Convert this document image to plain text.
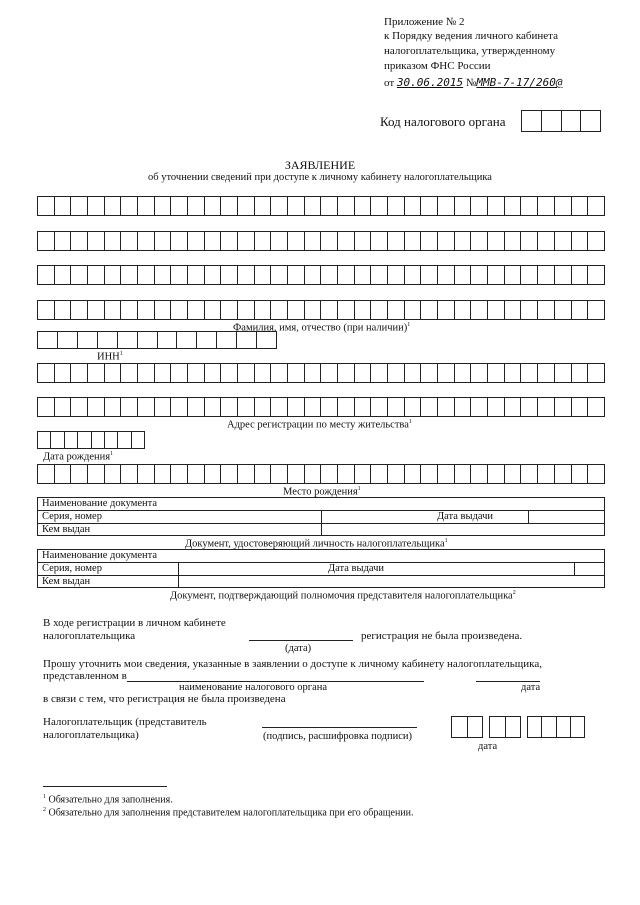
Приложение № 2
к Порядку ведения личного кабинета
налогоплательщика, утвержденному
приказом ФНС России
от 30.06.2015 №ММВ-7-17/260@
Код налогового органа
ЗАЯВЛЕНИЕ
об уточнении сведений при доступе к личному кабинету налогоплательщика
Фамилия, имя, отчество (при наличии)$^1$
ИНН$^1$
Адрес регистрации по месту жительства$^1$
Дата рождения$^1$
Место рождения$^1$
Наименование документа
Серия, номер	Дата выдачи
Кем выдан
Документ, удостоверяющий личность налогоплательщика$^1$
Наименование документа
Серия, номер	Дата выдачи
Кем выдан
Документ, подтверждающий полномочия представителя налогоплательщика$^2$
В ходе регистрации в личном кабинете
налогоплательщика	регистрация не была произведена.
(дата)
Прошу уточнить мои сведения, указанные в заявлении о доступе к личному кабинету налогоплательщика,
представленном в
наименование налогового органа	дата
в связи с тем, что регистрация не была произведена
Налогоплательщик (представитель
налогоплательщика)	(подпись, расшифровка подписи)
дата
$^1$ Обязательно для заполнения.
$^2$ Обязательно для заполнения представителем налогоплательщика при его обращении.
